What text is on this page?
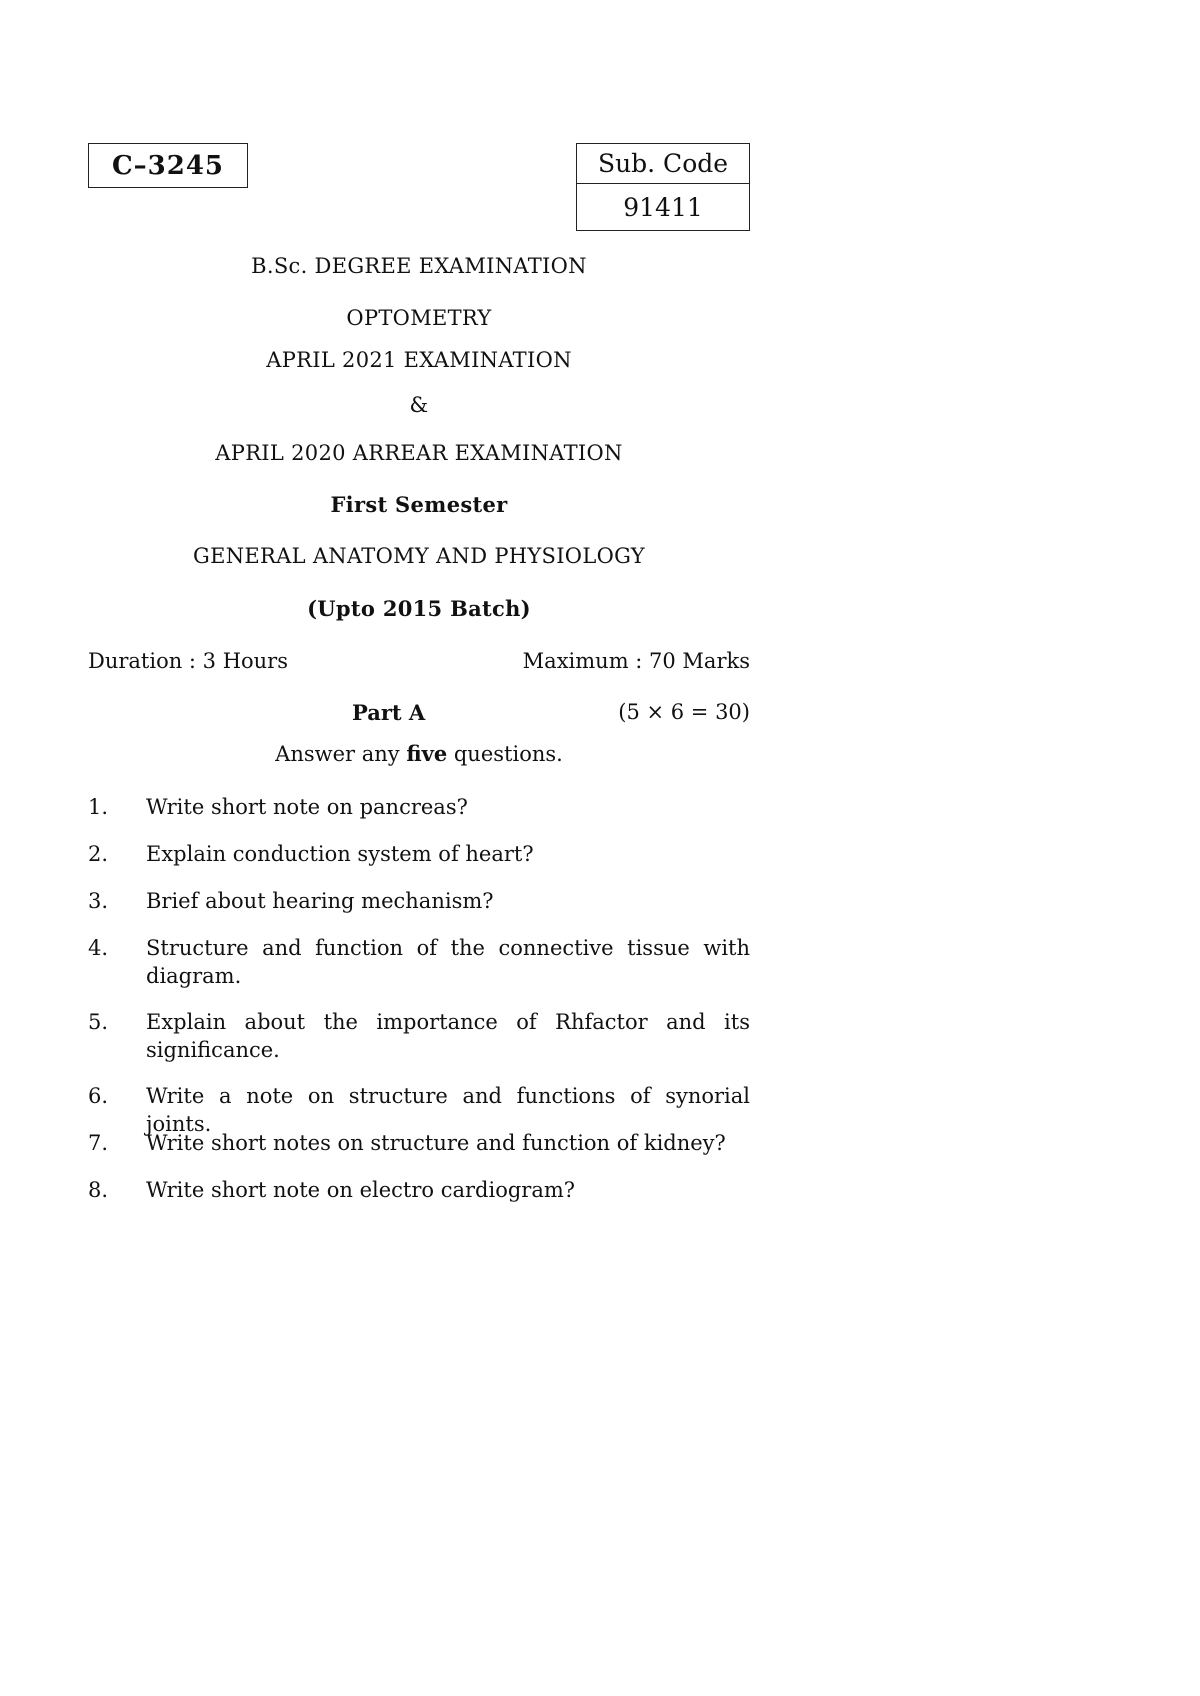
C–3245	Sub. Code
91411
B.Sc. DEGREE EXAMINATION
OPTOMETRY
APRIL 2021 EXAMINATION
&
APRIL 2020 ARREAR EXAMINATION
First Semester
GENERAL ANATOMY AND PHYSIOLOGY
(Upto 2015 Batch)
Duration : 3 Hours	Maximum : 70 Marks
Part A	(5 × 6 = 30)
Answer any five questions.
1.	Write short note on pancreas?
2.	Explain conduction system of heart?
3.	Brief about hearing mechanism?
4.	Structure and function of the connective tissue with diagram.
5.	Explain about the importance of Rhfactor and its significance.
6.	Write a note on structure and functions of synorial joints.
7.	Write short notes on structure and function of kidney?
8.	Write short note on electro cardiogram?
